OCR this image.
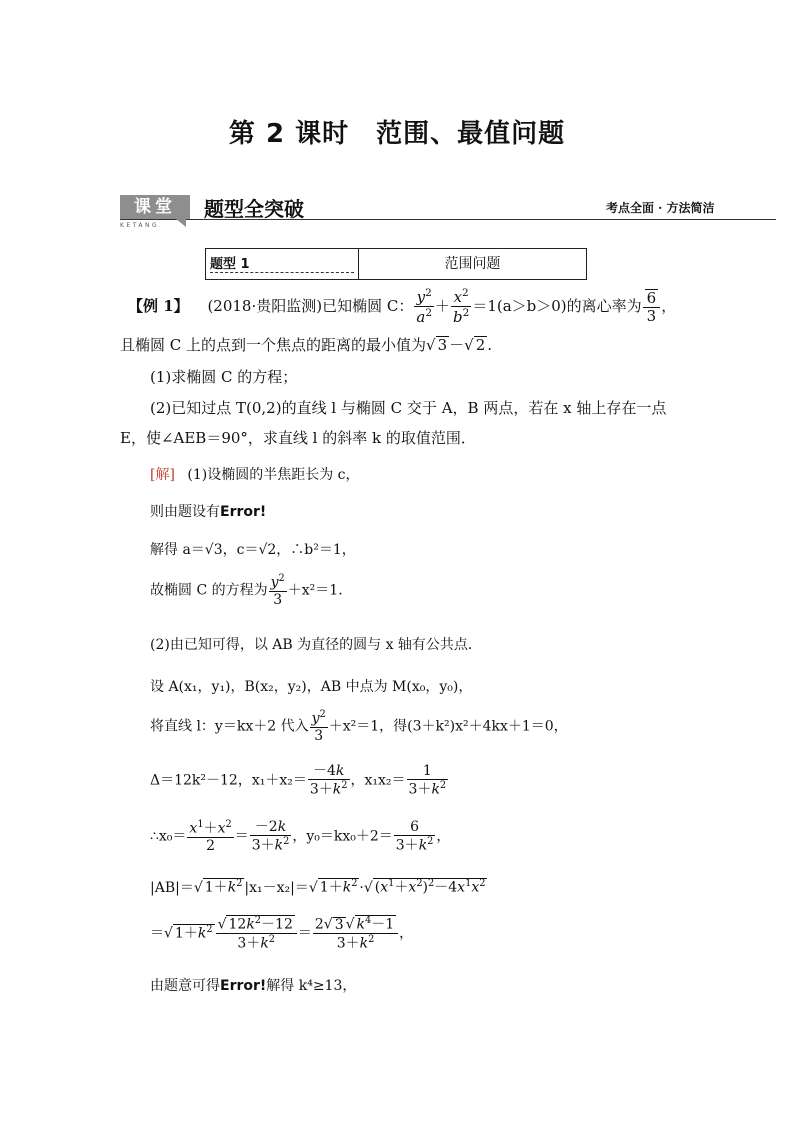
第 2 课时　范围、最值问题
课堂
KETANG
题型全突破	考点全面 · 方法简洁
题型 1	范围问题
【例 1】 (2018·贵阳监测)已知椭圆 C： $\frac{y^2}{a^2} + \frac{x^2}{b^2} =1(a>b>0)$的离心率为 $\frac{6}{3}$ ，
且椭圆 C 上的点到一个焦点的距离的最小值为√ 3 －√ 2 .
(1)求椭圆 C 的方程；
(2)已知过点 T(0,2)的直线 l 与椭圆 C 交于 A，B 两点，若在 x 轴上存在一点
E，使∠AEB＝90°，求直线 l 的斜率 k 的取值范围．
[解] (1)设椭圆的半焦距长为 c，
则由题设有Error!
解得 a＝√3，c＝√2，∴b²＝1，
故椭圆 C 的方程为 $\frac{y^2}{3} +x^2=1$.
(2)由已知可得，以 AB 为直径的圆与 x 轴有公共点．
设 A(x₁，y₁)，B(x₂，y₂)，AB 中点为 M(x₀，y₀)，
将直线 l：y＝kx＋2 代入 $\frac{y^2}{3} +x^2=1$，得(3＋k²)x²＋4kx＋1＝0，
Δ＝12k²－12，$x_1+x_2= \frac{-4k}{3+k^2}$ ，$x_1x_2= \frac{1}{3+k^2}$
∴x₀＝ $\frac{x^1+x^2}{2} = \frac{-2k}{3+k^2}$ ，$y_0=kx_0+2= \frac{6}{3+k^2}$ ，
|AB|＝√ $1+k^2$ |x₁－x₂|＝√ $1+k^2$ ·√ $(x^1+x^2)^2-4x^1x^2$
＝√ $1+k^2 \frac{√ 12k^2-12}{3+k^2} = \frac{2√ 3 √ k^4-1}{3+k^2}$ ，
由题意可得Error!解得 k⁴≥13，
